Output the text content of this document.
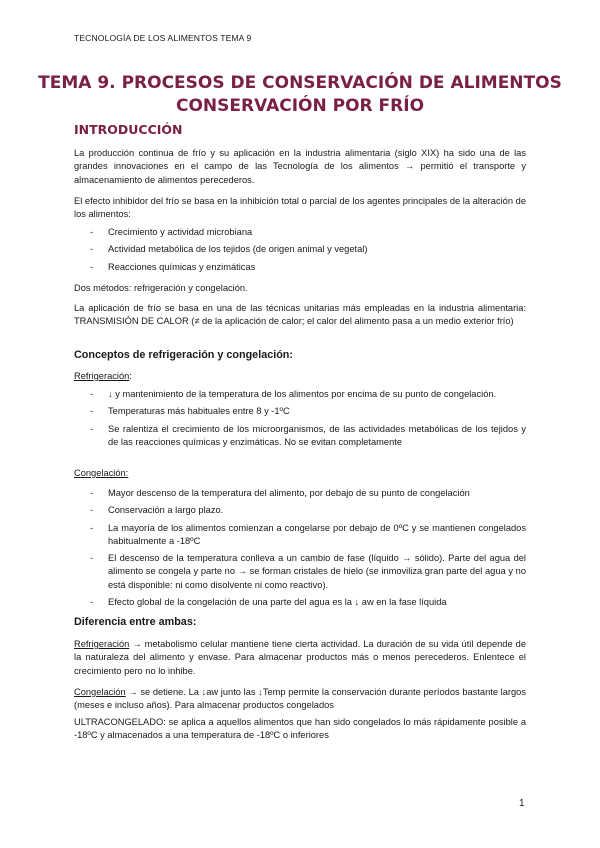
TECNOLOGÍA DE LOS ALIMENTOS TEMA 9
TEMA 9. PROCESOS DE CONSERVACIÓN DE ALIMENTOS
CONSERVACIÓN POR FRÍO
INTRODUCCIÓN

La producción continua de frío y su aplicación en la industria alimentaria (siglo XIX) ha sido una de las grandes innovaciones en el campo de las Tecnología de los alimentos → permitió el transporte y almacenamiento de alimentos perecederos.

El efecto inhibidor del frío se basa en la inhibición total o parcial de los agentes principales de la alteración de los alimentos:

- Crecimiento y actividad microbiana
- Actividad metabólica de los tejidos (de origen animal y vegetal)
- Reacciones químicas y enzimáticas

Dos métodos: refrigeración y congelación.

La aplicación de frío se basa en una de las técnicas unitarias más empleadas en la industria alimentaria: TRANSMISIÓN DE CALOR (≠ de la aplicación de calor; el calor del alimento pasa a un medio exterior frío)

Conceptos de refrigeración y congelación:
Refrigeración:
- ↓ y mantenimiento de la temperatura de los alimentos por encima de su punto de congelación.
- Temperaturas más habituales entre 8 y -1ºC
- Se ralentiza el crecimiento de los microorganismos, de las actividades metabólicas de los tejidos y de las reacciones químicas y enzimáticas. No se evitan completamente
Congelación:
- Mayor descenso de la temperatura del alimento, por debajo de su punto de congelación
- Conservación a largo plazo.
- La mayoría de los alimentos comienzan a congelarse por debajo de 0ºC y se mantienen congelados habitualmente a -18ºC
- El descenso de la temperatura conlleva a un cambio de fase (líquido → sólido). Parte del agua del alimento se congela y parte no → se forman cristales de hielo (se inmoviliza gran parte del agua y no está disponible: ni como disolvente ni como reactivo).
- Efecto global de la congelación de una parte del agua es la ↓ aw en la fase líquida
Diferencia entre ambas:

Refrigeración → metabolismo celular mantiene tiene cierta actividad. La duración de su vida útil depende de la naturaleza del alimento y envase. Para almacenar productos más o menos perecederos. Enlentece el crecimiento pero no lo inhibe.

Congelación → se detiene. La ↓aw junto las ↓Temp permite la conservación durante períodos bastante largos (meses e incluso años). Para almacenar productos congelados

ULTRACONGELADO: se aplica a aquellos alimentos que han sido congelados lo más rápidamente posible a -18ºC y almacenados a una temperatura de -18ºC o inferiores

1
